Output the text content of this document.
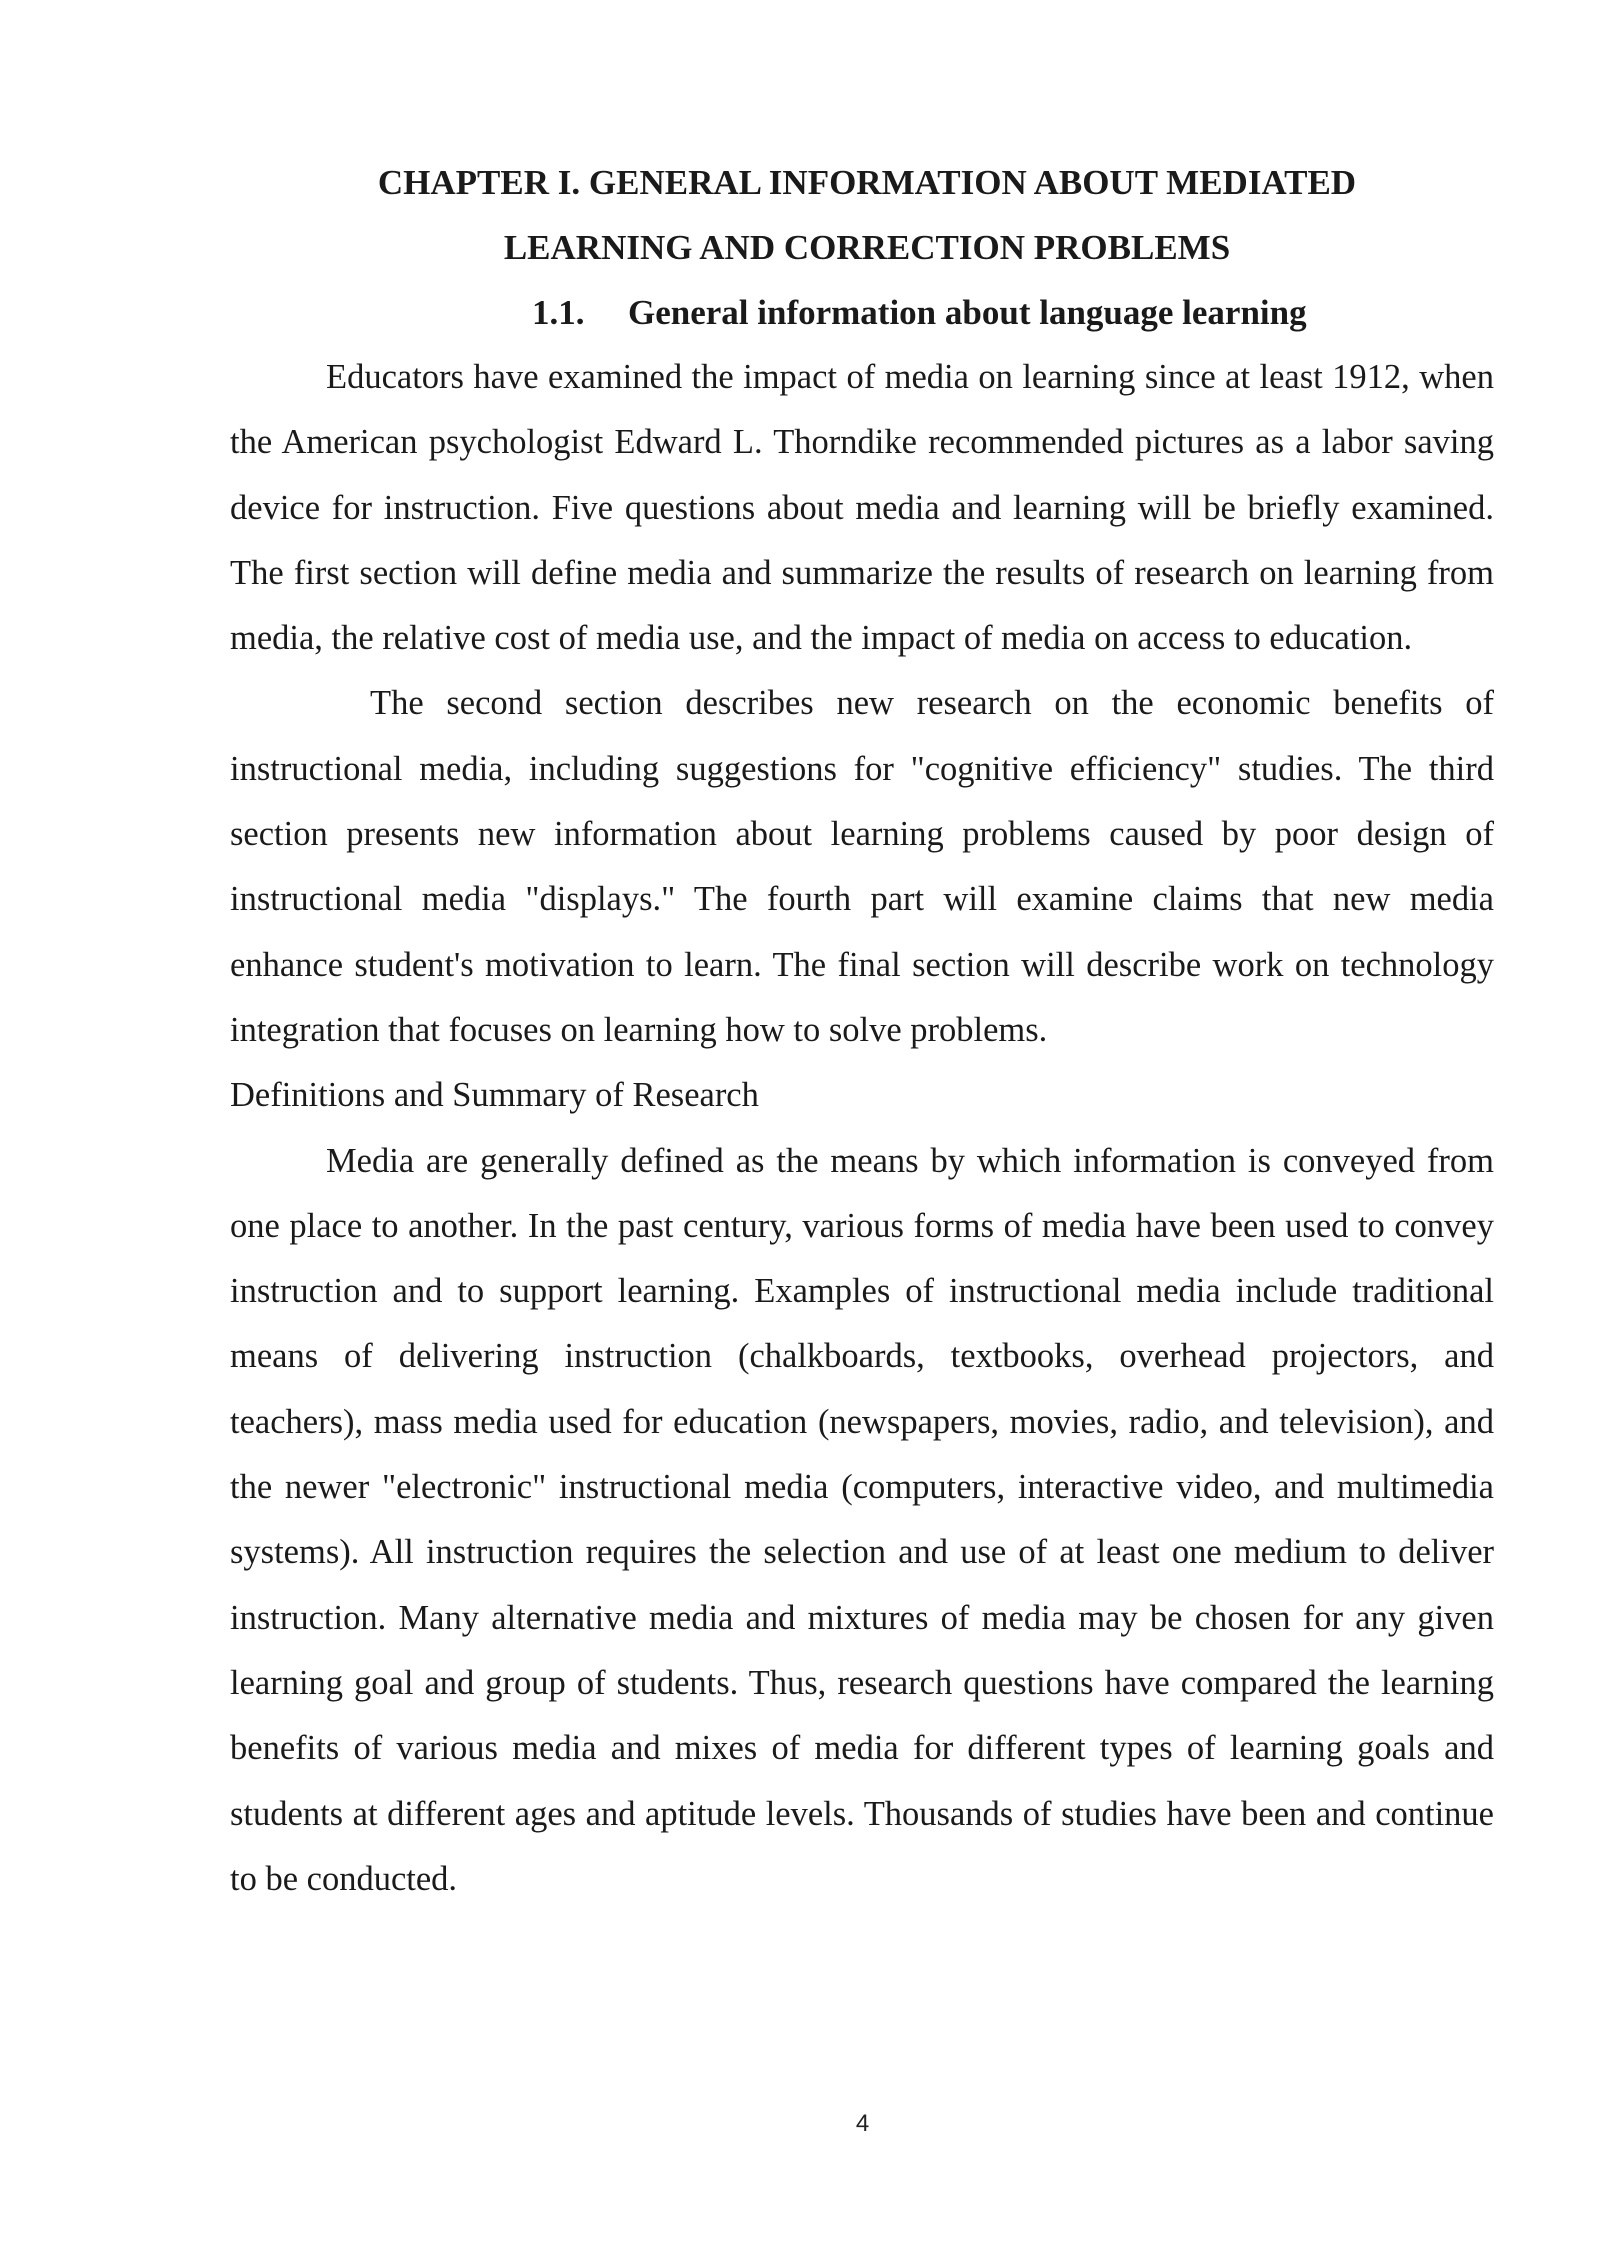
CHAPTER I. GENERAL INFORMATION ABOUT MEDIATED

LEARNING AND CORRECTION PROBLEMS

1.1. General information about language learning

Educators have examined the impact of media on learning since at least 1912, when the American psychologist Edward L. Thorndike recommended pictures as a labor saving device for instruction. Five questions about media and learning will be briefly examined. The first section will define media and summarize the results of research on learning from media, the relative cost of media use, and the impact of media on access to education.

The second section describes new research on the economic benefits of instructional media, including suggestions for "cognitive efficiency" studies. The third section presents new information about learning problems caused by poor design of instructional media "displays." The fourth part will examine claims that new media enhance student's motivation to learn. The final section will describe work on technology integration that focuses on learning how to solve problems.

Definitions and Summary of Research

Media are generally defined as the means by which information is conveyed from one place to another. In the past century, various forms of media have been used to convey instruction and to support learning. Examples of instructional media include traditional means of delivering instruction (chalkboards, textbooks, overhead projectors, and teachers), mass media used for education (newspapers, movies, radio, and television), and the newer "electronic" instructional media (computers, interactive video, and multimedia systems). All instruction requires the selection and use of at least one medium to deliver instruction. Many alternative media and mixtures of media may be chosen for any given learning goal and group of students. Thus, research questions have compared the learning benefits of various media and mixes of media for different types of learning goals and students at different ages and aptitude levels. Thousands of studies have been and continue to be conducted.

4
